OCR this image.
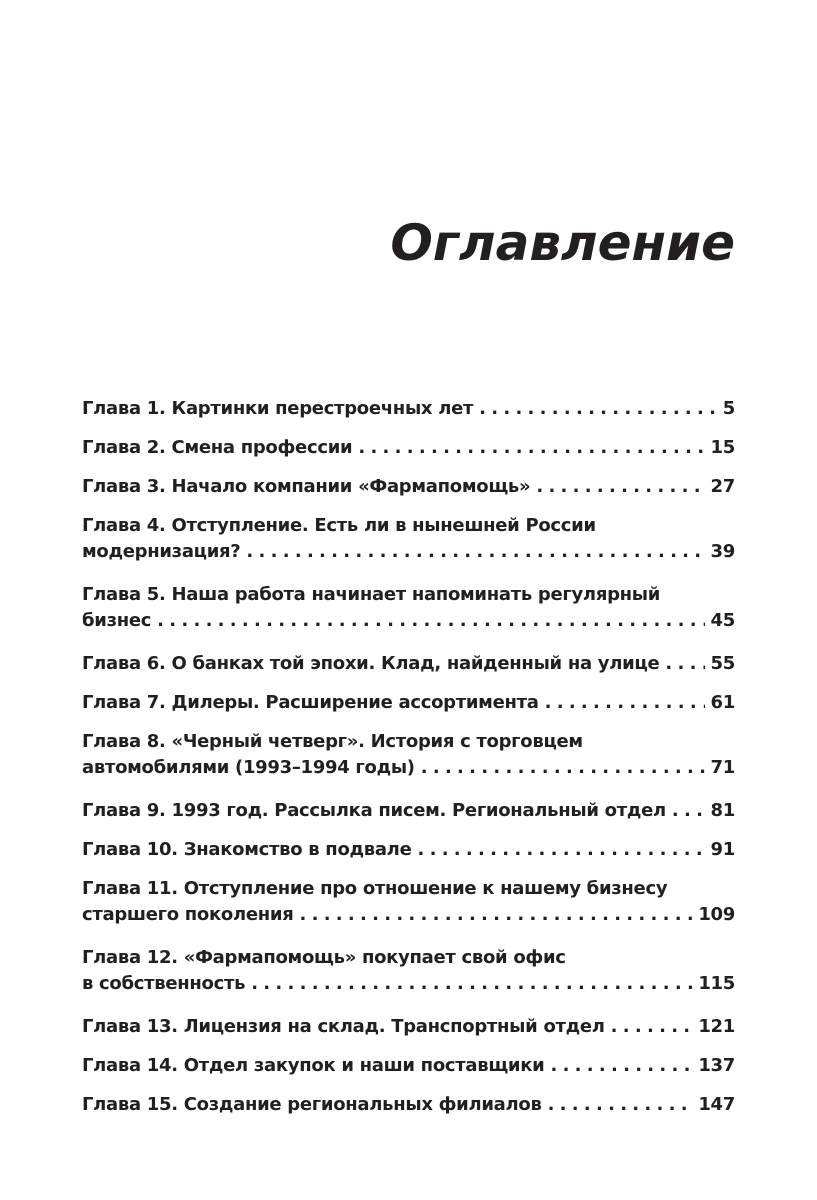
Оглавление
Глава 1. Картинки перестроечных лет . . .	5
Глава 2. Смена профессии . . .	15
Глава 3. Начало компании «Фармапомощь» . . .	27
Глава 4. Отступление. Есть ли в нынешней России
модернизация? . . .	39
Глава 5. Наша работа начинает напоминать регулярный
бизнес . . .	45
Глава 6. О банках той эпохи. Клад, найденный на улице . . .	55
Глава 7. Дилеры. Расширение ассортимента . . .	61
Глава 8. «Черный четверг». История с торговцем
автомобилями (1993–1994 годы) . . .	71
Глава 9. 1993 год. Рассылка писем. Региональный отдел . . . 81
Глава 10. Знакомство в подвале . . .	91
Глава 11. Отступление про отношение к нашему бизнесу
старшего поколения . . .	109
Глава 12. «Фармапомощь» покупает свой офис
в собственность . . .	115
Глава 13. Лицензия на склад. Транспортный отдел . . .	121
Глава 14. Отдел закупок и наши поставщики . . .	137
Глава 15. Создание региональных филиалов . . .	147
